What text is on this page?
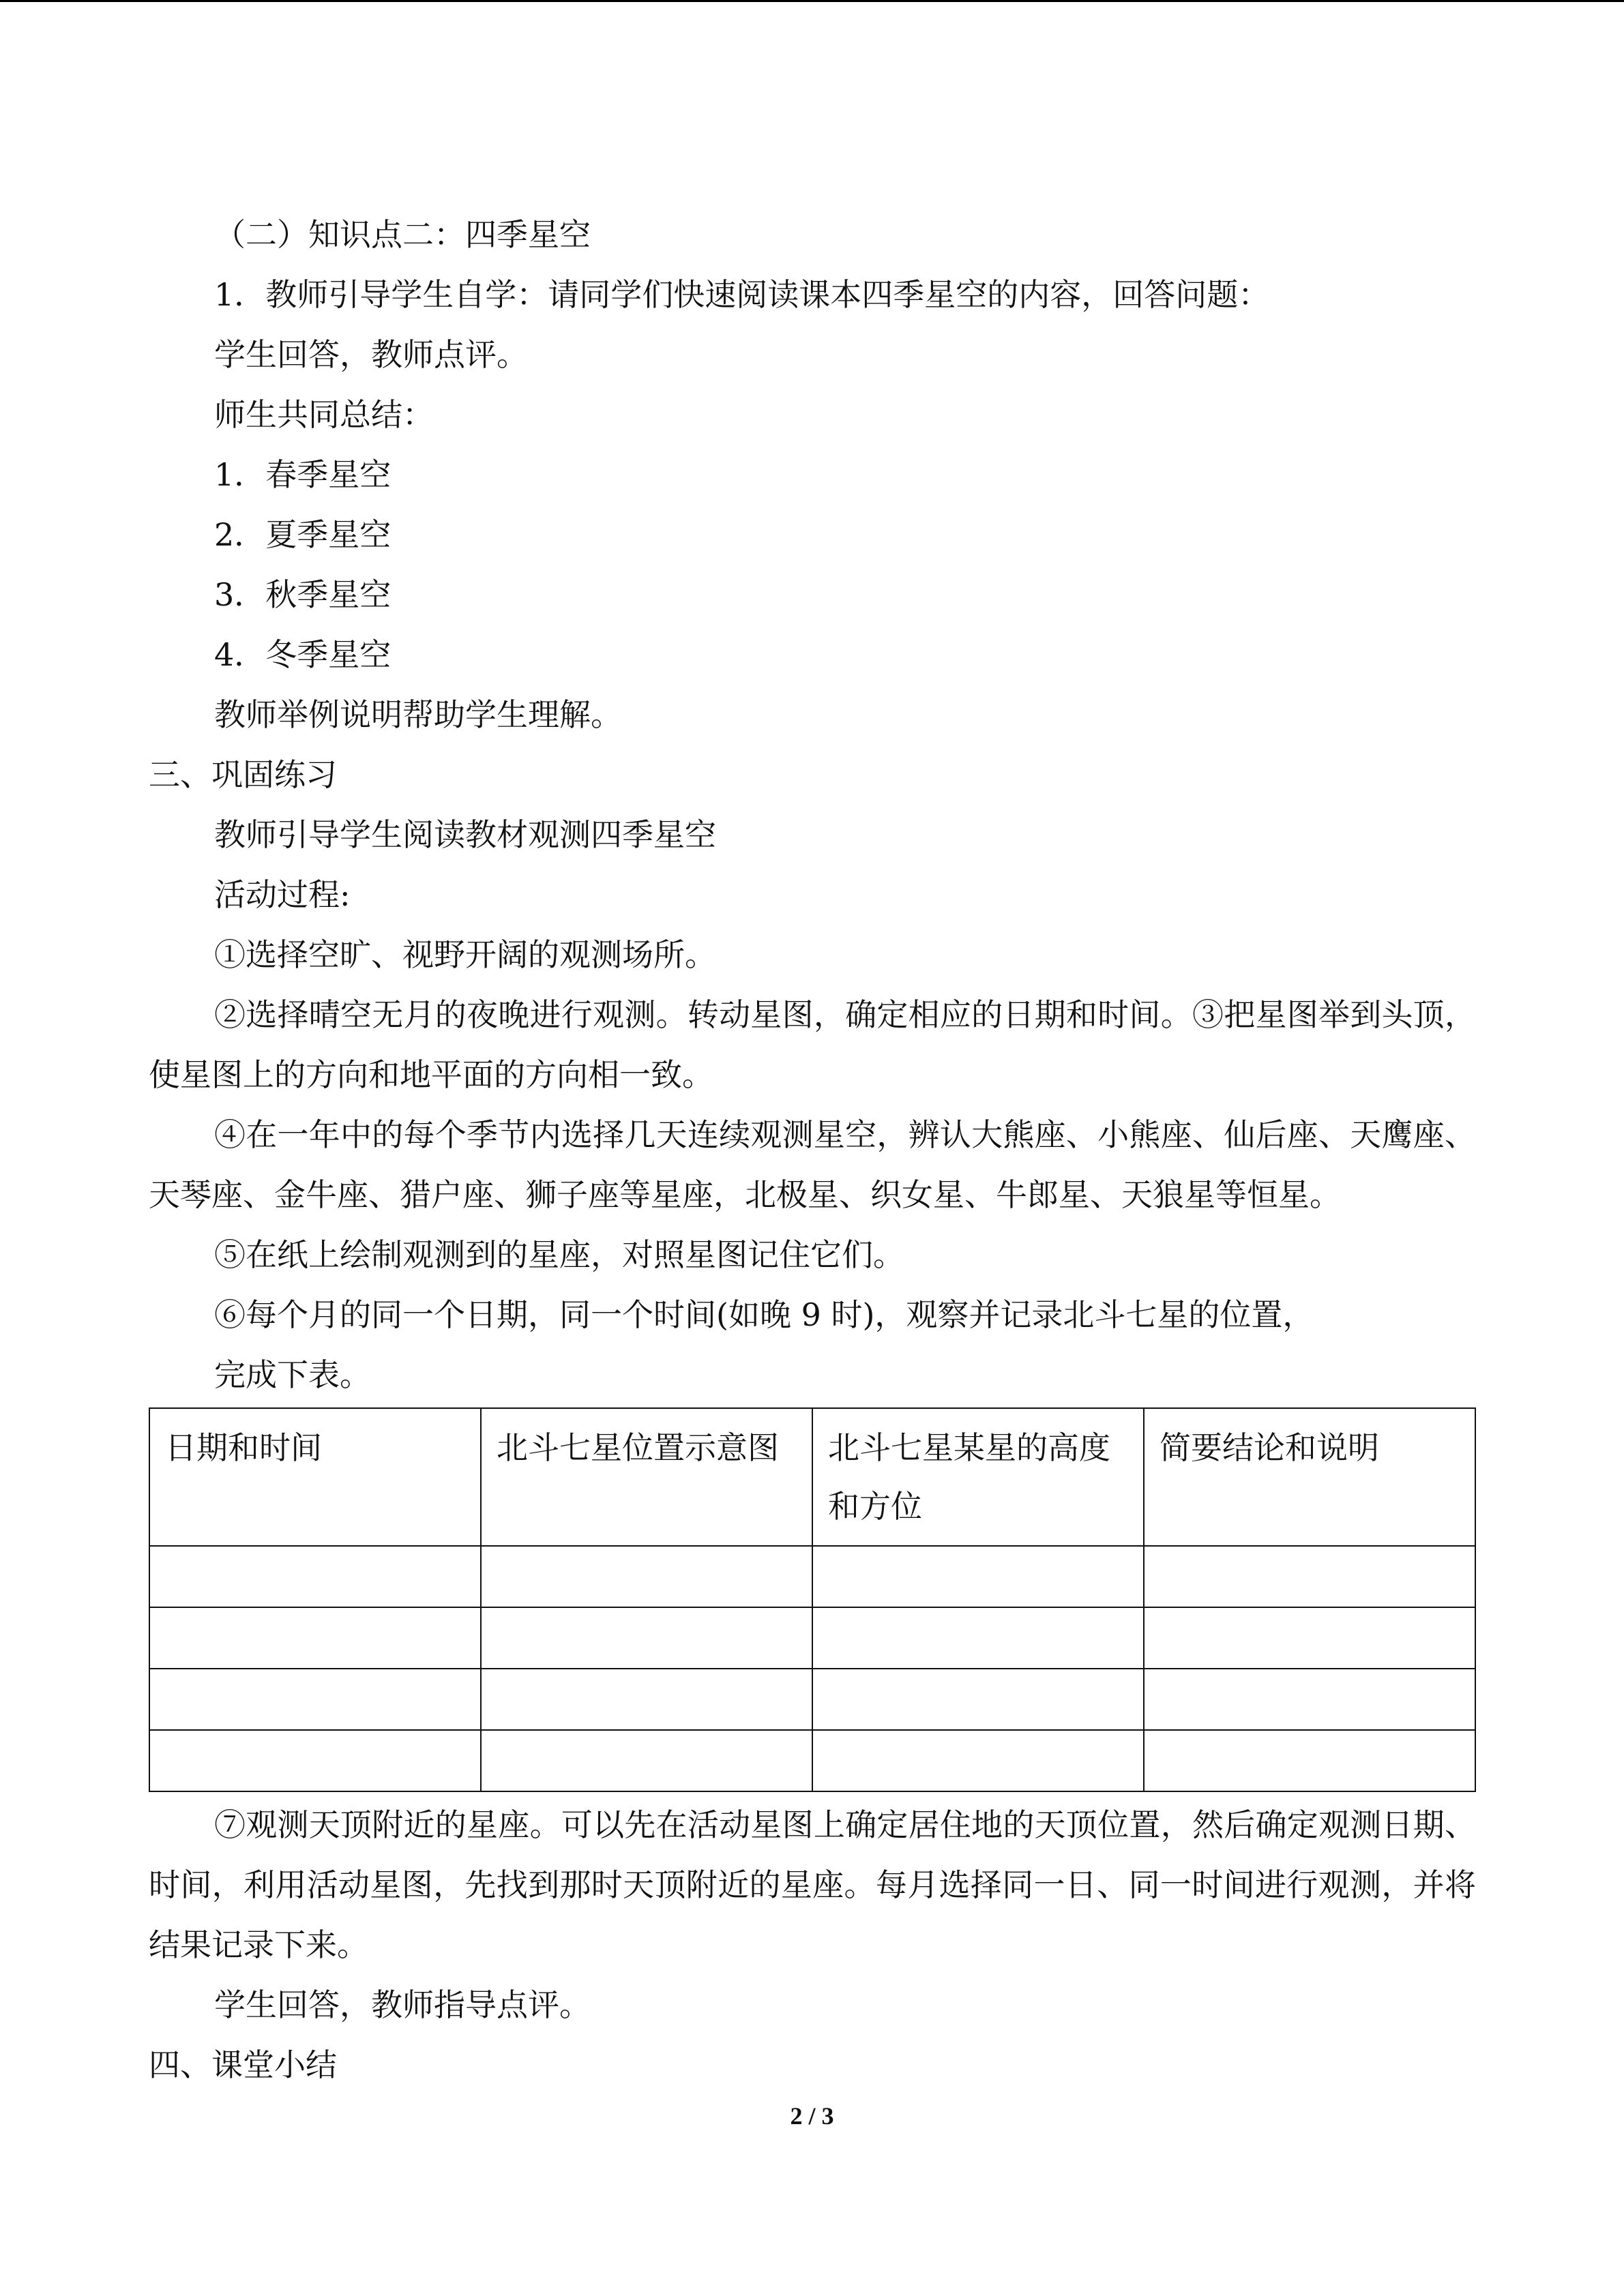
（二）知识点二：四季星空
1．教师引导学生自学：请同学们快速阅读课本四季星空的内容，回答问题：
学生回答，教师点评。
师生共同总结：
1．春季星空
2．夏季星空
3．秋季星空
4．冬季星空
教师举例说明帮助学生理解。
三、巩固练习
教师引导学生阅读教材观测四季星空
活动过程:
①选择空旷、视野开阔的观测场所。

②选择晴空无月的夜晚进行观测。转动星图，确定相应的日期和时间。③把星图举到头顶，使星图上的方向和地平面的方向相一致。

④在一年中的每个季节内选择几天连续观测星空，辨认大熊座、小熊座、仙后座、天鹰座、天琴座、金牛座、猎户座、狮子座等星座，北极星、织女星、牛郎星、天狼星等恒星。

⑤在纸上绘制观测到的星座，对照星图记住它们。
⑥每个月的同一个日期，同一个时间(如晚 9 时)，观察并记录北斗七星的位置，
完成下表。
日期和时间	北斗七星位置示意图	北斗七星某星的高度和方位	简要结论和说明

⑦观测天顶附近的星座。可以先在活动星图上确定居住地的天顶位置，然后确定观测日期、时间，利用活动星图，先找到那时天顶附近的星座。每月选择同一日、同一时间进行观测，并将结果记录下来。

学生回答，教师指导点评。
四、课堂小结
2 / 3
